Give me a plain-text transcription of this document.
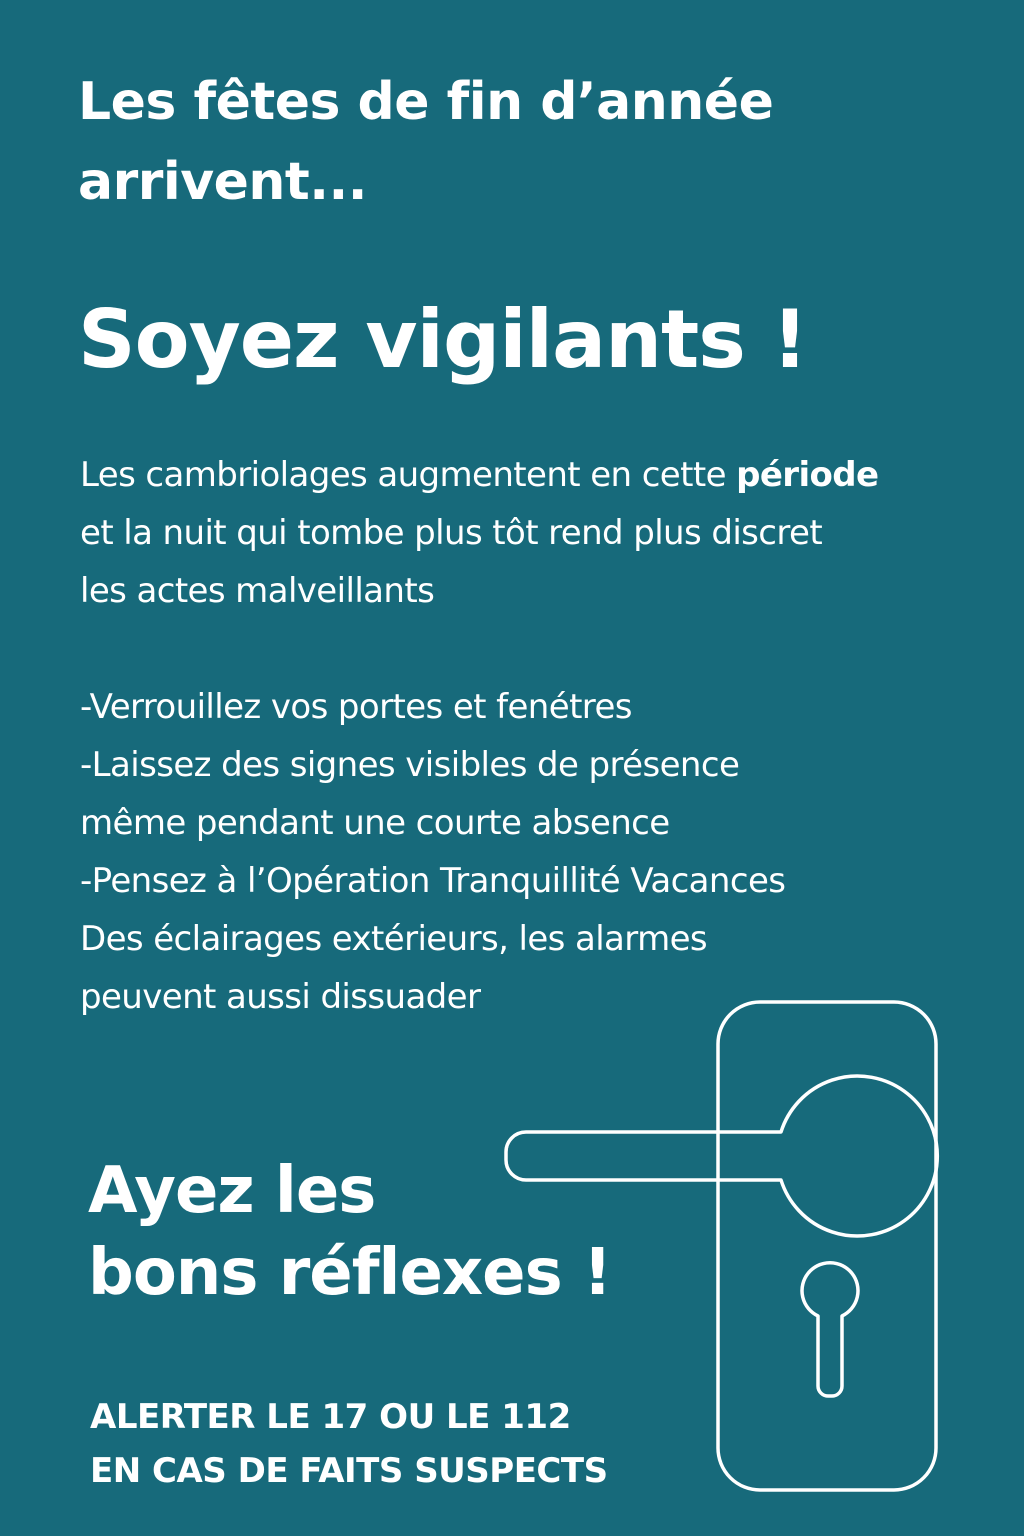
Les fêtes de fin d’année
arrivent...
Soyez vigilants !
Les cambriolages augmentent en cette période
et la nuit qui tombe plus tôt rend plus discret
les actes malveillants
-Verrouillez vos portes et fenétres
-Laissez des signes visibles de présence
même pendant une courte absence
-Pensez à l’Opération Tranquillité Vacances
Des éclairages extérieurs, les alarmes
peuvent aussi dissuader
Ayez les
bons réflexes !
ALERTER LE 17 OU LE 112
EN CAS DE FAITS SUSPECTS
